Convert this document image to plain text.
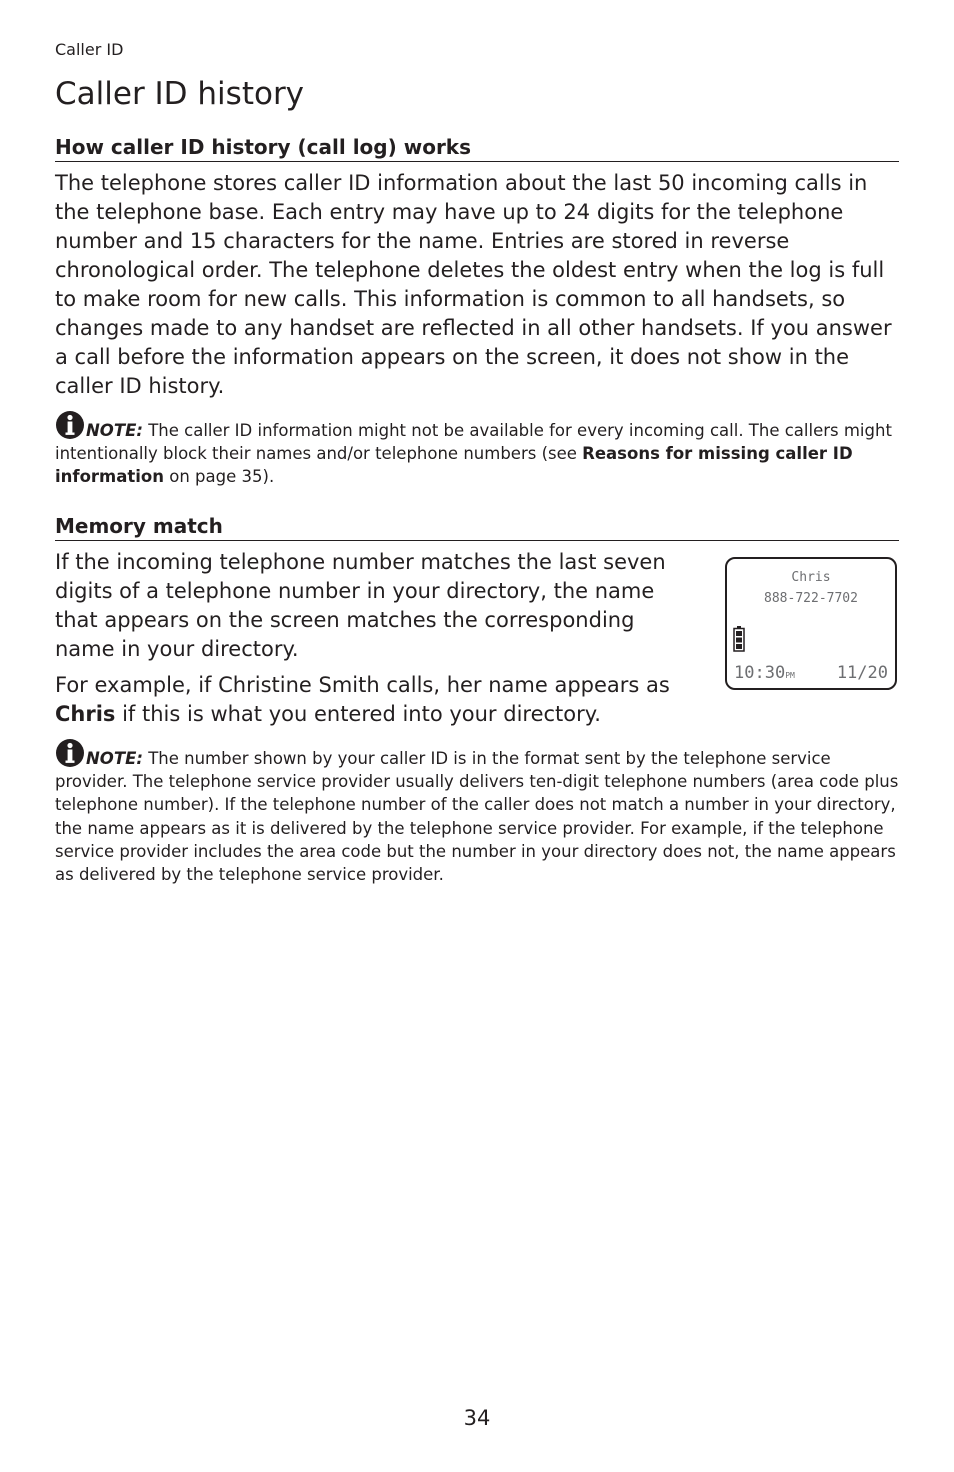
Caller ID
Caller ID history
How caller ID history (call log) works

The telephone stores caller ID information about the last 50 incoming calls in the telephone base. Each entry may have up to 24 digits for the telephone number and 15 characters for the name. Entries are stored in reverse chronological order. The telephone deletes the oldest entry when the log is full to make room for new calls. This information is common to all handsets, so changes made to any handset are reflected in all other handsets. If you answer a call before the information appears on the screen, it does not show in the caller ID history.

NOTE: The caller ID information might not be available for every incoming call. The callers might intentionally block their names and/or telephone numbers (see Reasons for missing caller ID information on page 35).

Memory match

If the incoming telephone number matches the last seven digits of a telephone number in your directory, the name that appears on the screen matches the corresponding name in your directory.

For example, if Christine Smith calls, her name appears as Chris if this is what you entered into your directory.

Chris
888-722-7702
10:30PM 11/20

NOTE: The number shown by your caller ID is in the format sent by the telephone service provider. The telephone service provider usually delivers ten-digit telephone numbers (area code plus telephone number). If the telephone number of the caller does not match a number in your directory, the name appears as it is delivered by the telephone service provider. For example, if the telephone service provider includes the area code but the number in your directory does not, the name appears as delivered by the telephone service provider.

34
